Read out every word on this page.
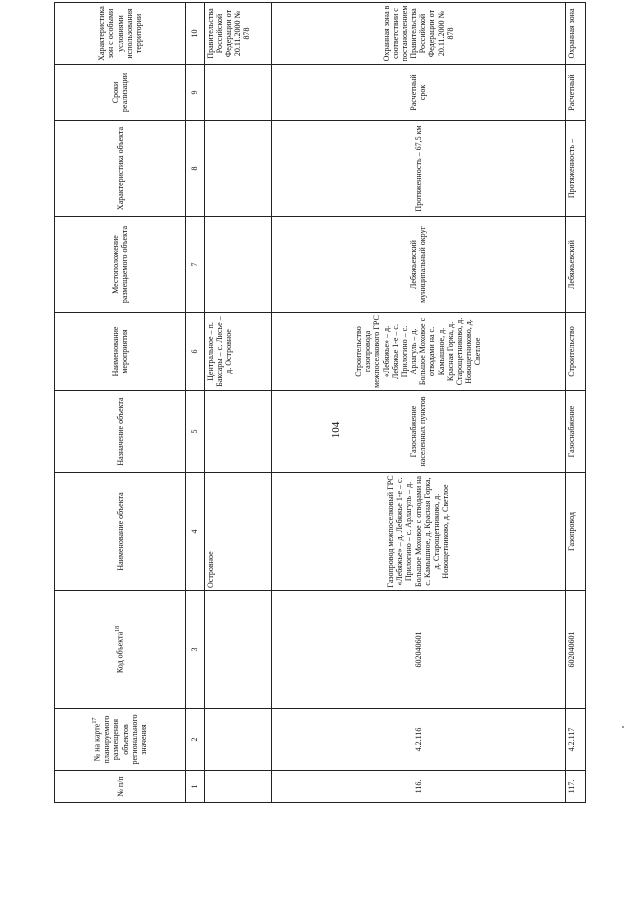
104
№ п/п	№ на карте$^{17}$ планируемого размещения объектов регионального значения	Код объекта$^{18}$	Наименование объекта	Назначение объекта	Наименование мероприятия	Местоположение размещаемого объекта	Характеристика объекта	Сроки реализации	Характеристика зон с особыми условиями использования территории
1	2	3	4	5	6	7	8	9	10
			Островное		Центральное – п. Баксары – с. Лисье – д. Островное				Правительства Российской Федерации от 20.11.2000 № 878
116.	4.2.116	602040601	Газопровод межпоселковый ГРС «Лебяжье» – д. Лебяжье 1-е – с. Прилогино – с. Арлагуль – д. Большое Моховое с отводами на с. Камышное, д. Красная Горка, д. Старощетниково, д. Новощетниково, д. Светлое	Газоснабжение населенных пунктов	Строительство газопровода межпоселкового ГРС «Лебяжье» – д. Лебяжье 1-е – с. Прилогино – с. Арлагуль – д. Большое Моховое с отводами на с. Камышное, д. Красная Горка, д. Старощетниково, д. Новощетниково, д. Светлое	Лебяжьевский муниципальный округ	Протяженность – 67,5 км	Расчетный срок	Охранная зона в соответствии с постановлением Правительства Российской Федерации от 20.11.2000 № 878
117.	4.2.117	602040601	Газопровод	Газоснабжение	Строительство	Лебяжьевский	Протяженность –	Расчетный	Охранная зона
